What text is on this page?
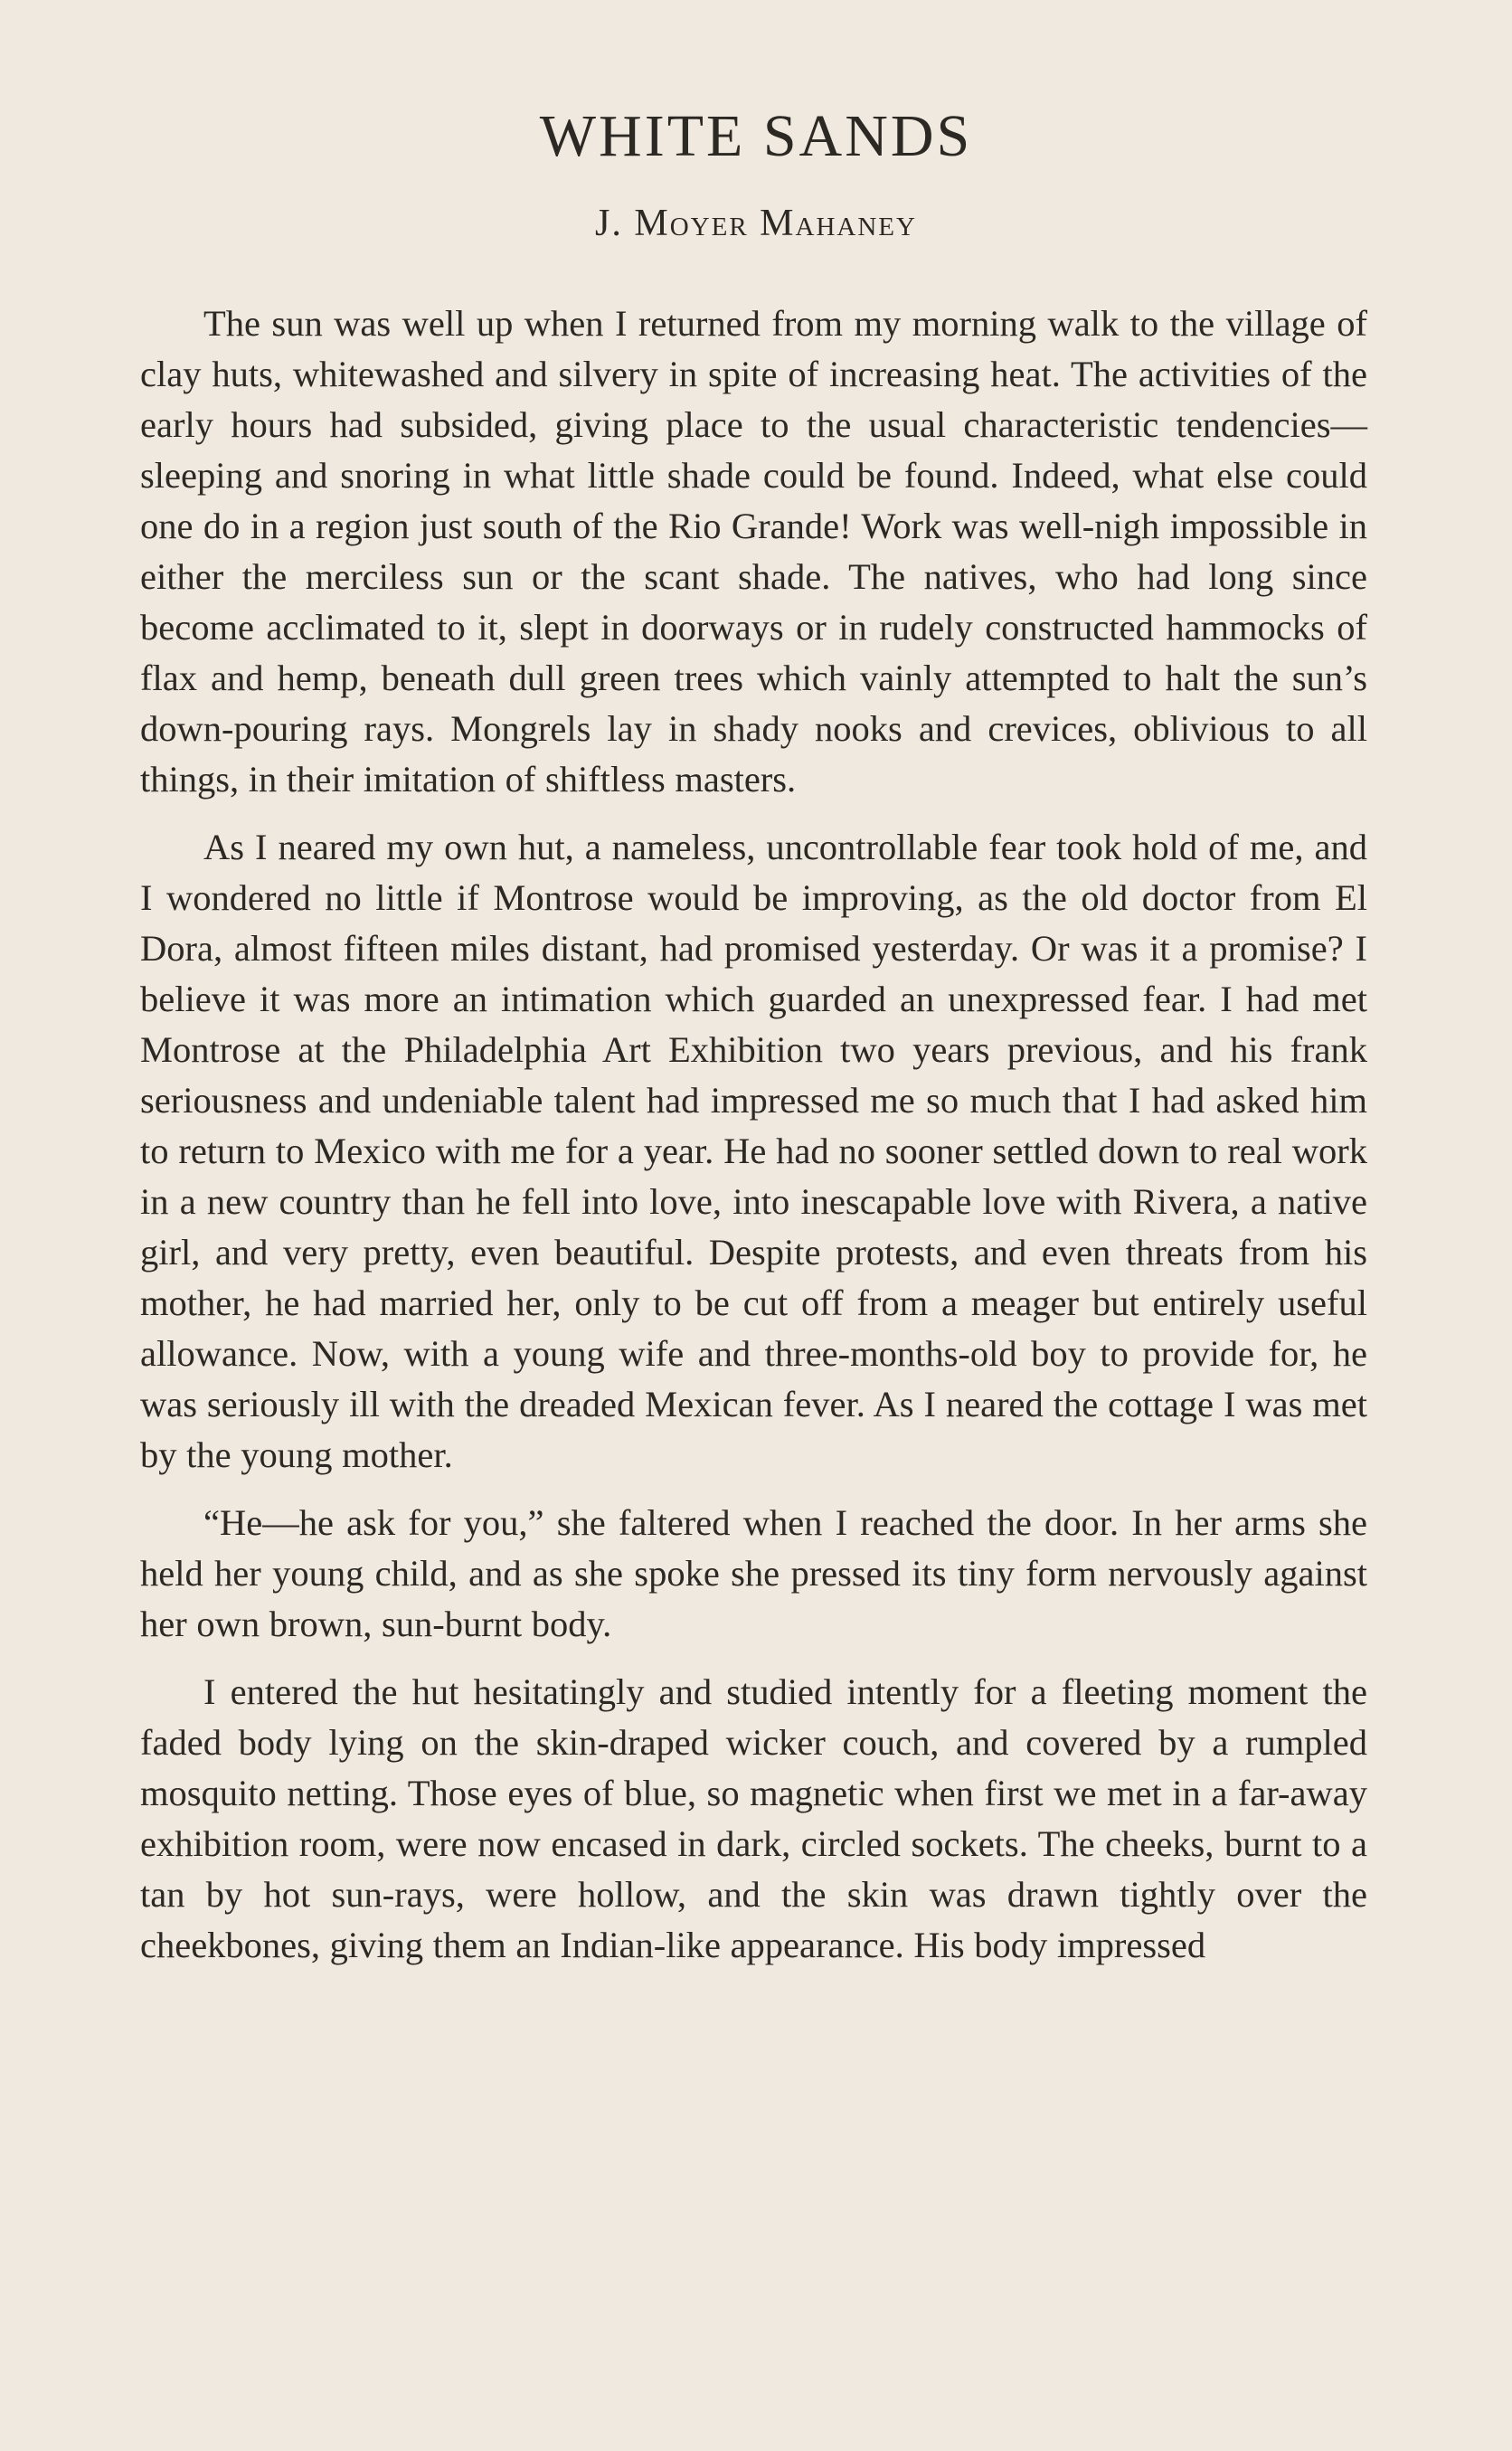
WHITE SANDS
J. Moyer Mahaney

The sun was well up when I returned from my morning walk to the village of clay huts, whitewashed and silvery in spite of increasing heat. The activities of the early hours had subsided, giving place to the usual characteristic tendencies—sleeping and snoring in what little shade could be found. Indeed, what else could one do in a region just south of the Rio Grande! Work was well-nigh impossible in either the merciless sun or the scant shade. The natives, who had long since become acclimated to it, slept in doorways or in rudely constructed hammocks of flax and hemp, beneath dull green trees which vainly attempted to halt the sun’s down-pouring rays. Mongrels lay in shady nooks and crevices, oblivious to all things, in their imitation of shiftless masters.

As I neared my own hut, a nameless, uncontrollable fear took hold of me, and I wondered no little if Montrose would be improving, as the old doctor from El Dora, almost fifteen miles distant, had promised yesterday. Or was it a promise? I believe it was more an intimation which guarded an unexpressed fear. I had met Montrose at the Philadelphia Art Exhibition two years previous, and his frank seriousness and undeniable talent had impressed me so much that I had asked him to return to Mexico with me for a year. He had no sooner settled down to real work in a new country than he fell into love, into inescapable love with Rivera, a native girl, and very pretty, even beautiful. Despite protests, and even threats from his mother, he had married her, only to be cut off from a meager but entirely useful allowance. Now, with a young wife and three-months-old boy to provide for, he was seriously ill with the dreaded Mexican fever. As I neared the cottage I was met by the young mother.

“He—he ask for you,” she faltered when I reached the door. In her arms she held her young child, and as she spoke she pressed its tiny form nervously against her own brown, sun-burnt body.

I entered the hut hesitatingly and studied intently for a fleeting moment the faded body lying on the skin-draped wicker couch, and covered by a rumpled mosquito netting. Those eyes of blue, so magnetic when first we met in a far-away exhibition room, were now encased in dark, circled sockets. The cheeks, burnt to a tan by hot sun-rays, were hollow, and the skin was drawn tightly over the cheekbones, giving them an Indian-like appearance. His body impressed
